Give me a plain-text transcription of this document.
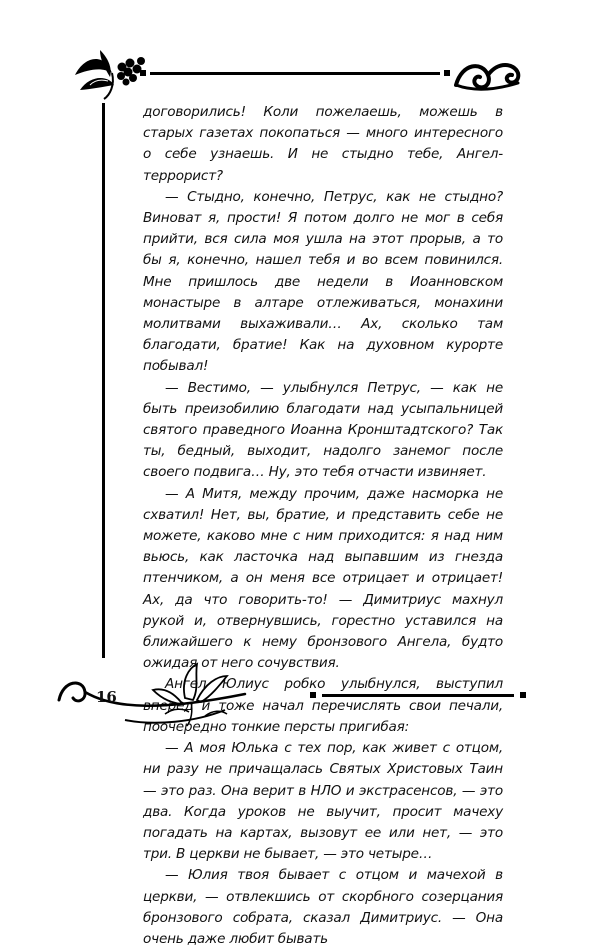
договорились! Коли пожелаешь, можешь в старых газетах покопаться — много интересного о себе узнаешь. И не стыдно тебе, Ангел-террорист?

— Стыдно, конечно, Петрус, как не стыдно? Виноват я, прости! Я потом долго не мог в себя прийти, вся сила моя ушла на этот прорыв, а то бы я, конечно, нашел тебя и во всем повинился. Мне пришлось две недели в Иоанновском монастыре в алтаре отлеживаться, монахини молитвами выхаживали… Ах, сколько там благодати, братие! Как на духовном курорте побывал!

— Вестимо, — улыбнулся Петрус, — как не быть преизобилию благодати над усыпальницей святого праведного Иоанна Кронштадтского? Так ты, бедный, выходит, надолго занемог после своего подвига… Ну, это тебя отчасти извиняет.

— А Митя, между прочим, даже насморка не схватил! Нет, вы, братие, и представить себе не можете, каково мне с ним приходится: я над ним вьюсь, как ласточка над выпавшим из гнезда птенчиком, а он меня все отрицает и отрицает! Ах, да что говорить-то! — Димитриус махнул рукой и, отвернувшись, горестно уставился на ближайшего к нему бронзового Ангела, будто ожидая от него сочувствия.

Ангел Юлиус робко улыбнулся, выступил вперед и тоже начал перечислять свои печали, поочередно тонкие персты пригибая:

— А моя Юлька с тех пор, как живет с отцом, ни разу не причащалась Святых Христовых Таин — это раз. Она верит в НЛО и экстрасенсов, — это два. Когда уроков не выучит, просит мачеху погадать на картах, вызовут ее или нет, — это три. В церкви не бывает, — это четыре…

— Юлия твоя бывает с отцом и мачехой в церкви, — отвлекшись от скорбного созерцания бронзового собрата, сказал Димитриус. — Она очень даже любит бывать

16
